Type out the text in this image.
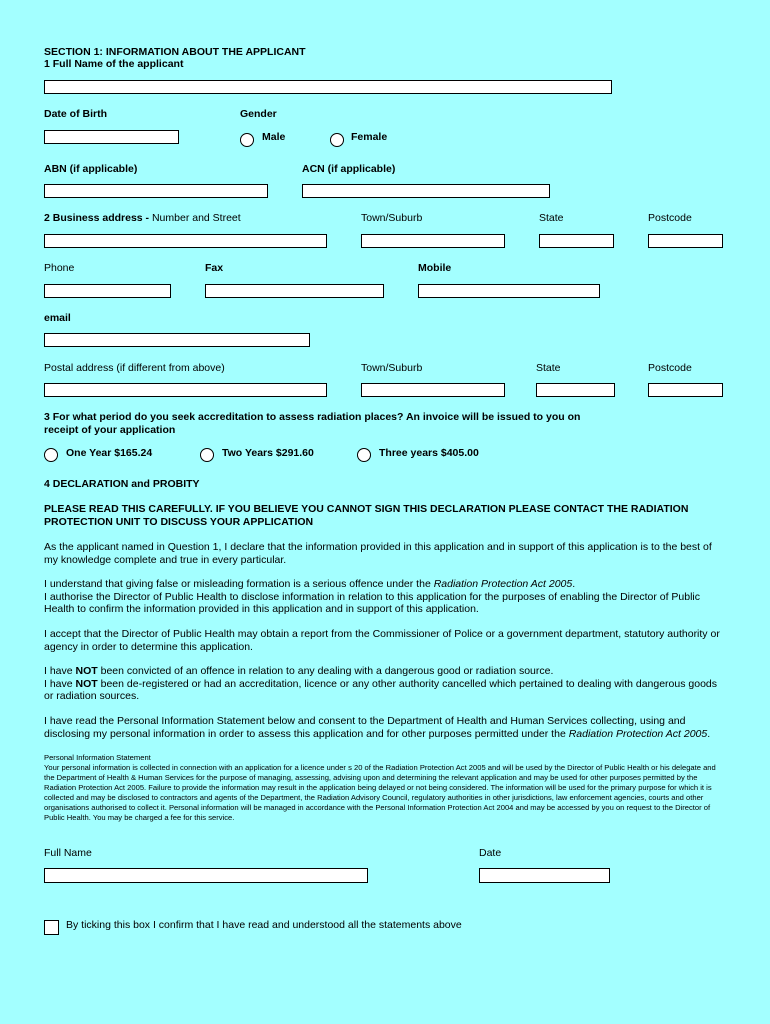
SECTION 1: INFORMATION ABOUT THE APPLICANT
1 Full Name of the applicant
Date of Birth	Gender
Male	Female
ABN (if applicable)	ACN (if applicable)
2 Business address - Number and Street	Town/Suburb	State	Postcode
Phone	Fax	Mobile
email
Postal address (if different from above)	Town/Suburb	State	Postcode
3 For what period do you seek accreditation to assess radiation places? An invoice will be issued to you on
receipt of your application
One Year $165.24	Two Years $291.60	Three years $405.00
4 DECLARATION and PROBITY
PLEASE READ THIS CAREFULLY. IF YOU BELIEVE YOU CANNOT SIGN THIS DECLARATION PLEASE CONTACT THE RADIATION
PROTECTION UNIT TO DISCUSS YOUR APPLICATION
As the applicant named in Question 1, I declare that the information provided in this application and in support of this application is to the best of my knowledge complete and true in every particular.
I understand that giving false or misleading formation is a serious offence under the Radiation Protection Act 2005.
I authorise the Director of Public Health to disclose information in relation to this application for the purposes of enabling the Director of Public Health to confirm the information provided in this application and in support of this application.
I accept that the Director of Public Health may obtain a report from the Commissioner of Police or a government department, statutory authority or agency in order to determine this application.
I have NOT been convicted of an offence in relation to any dealing with a dangerous good or radiation source.
I have NOT been de-registered or had an accreditation, licence or any other authority cancelled which pertained to dealing with dangerous goods or radiation sources.
I have read the Personal Information Statement below and consent to the Department of Health and Human Services collecting, using and disclosing my personal information in order to assess this application and for other purposes permitted under the Radiation Protection Act 2005.
Personal Information Statement
Your personal information is collected in connection with an application for a licence under s 20 of the Radiation Protection Act 2005 and will be used by the Director of Public Health or his delegate and the Department of Health & Human Services for the purpose of managing, assessing, advising upon and determining the relevant application and may be used for other purposes permitted by the Radiation Protection Act 2005. Failure to provide the information may result in the application being delayed or not being considered. The information will be used for the primary purpose for which it is collected and may be disclosed to contractors and agents of the Department, the Radiation Advisory Council, regulatory authorities in other jurisdictions, law enforcement agencies, courts and other organisations authorised to collect it. Personal information will be managed in accordance with the Personal Information Protection Act 2004 and may be accessed by you on request to the Director of Public Health. You may be charged a fee for this service.
Full Name	Date
By ticking this box I confirm that I have read and understood all the statements above
